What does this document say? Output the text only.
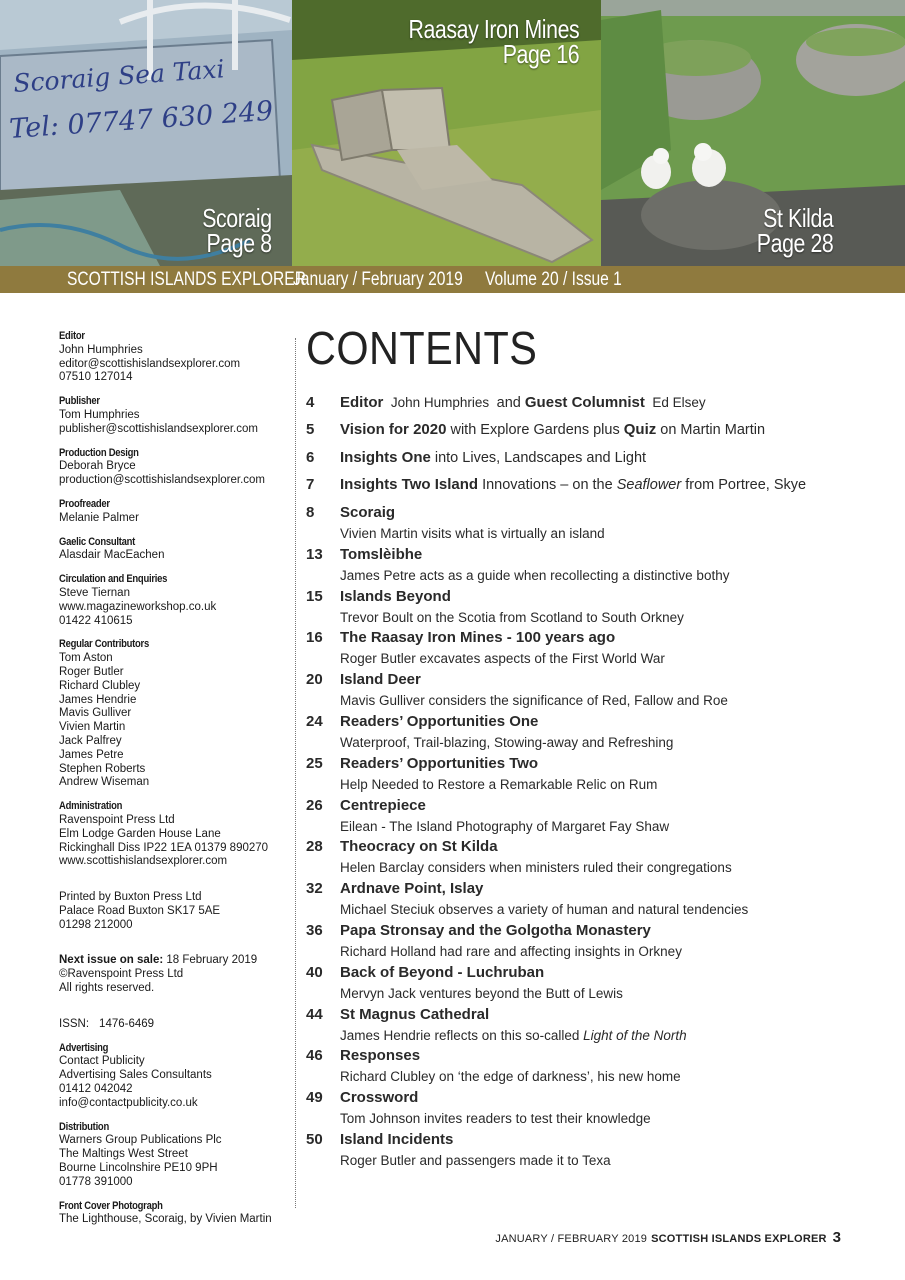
Scoraig Sea Taxi
Tel: 07747 630 249
Scoraig
Page 8
Raasay Iron Mines
Page 16
St Kilda
Page 28
SCOTTISH ISLANDS EXPLORER
January / February 2019 Volume 20 / Issue 1
Editor
John Humphries
editor@scottishislandsexplorer.com
07510 127014
Publisher
Tom Humphries
publisher@scottishislandsexplorer.com
Production Design
Deborah Bryce
production@scottishislandsexplorer.com
Proofreader
Melanie Palmer
Gaelic Consultant
Alasdair MacEachen
Circulation and Enquiries
Steve Tiernan
www.magazineworkshop.co.uk
01422 410615
Regular Contributors
Tom Aston
Roger Butler
Richard Clubley
James Hendrie
Mavis Gulliver
Vivien Martin
Jack Palfrey
James Petre
Stephen Roberts
Andrew Wiseman
Administration
Ravenspoint Press Ltd
Elm Lodge Garden House Lane
Rickinghall Diss IP22 1EA 01379 890270
www.scottishislandsexplorer.com
Printed by Buxton Press Ltd
Palace Road Buxton SK17 5AE
01298 212000
Next issue on sale: 18 February 2019
©Ravenspoint Press Ltd
All rights reserved.
ISSN: 1476-6469
Advertising
Contact Publicity
Advertising Sales Consultants
01412 042042
info@contactpublicity.co.uk
Distribution
Warners Group Publications Plc
The Maltings West Street
Bourne Lincolnshire PE10 9PH
01778 391000
Front Cover Photograph
The Lighthouse, Scoraig, by Vivien Martin
CONTENTS
4 Editor  John Humphries  and Guest Columnist  Ed Elsey
5 Vision for 2020 with Explore Gardens plus Quiz on Martin Martin
6 Insights One into Lives, Landscapes and Light
7 Insights Two Island Innovations – on the Seaflower from Portree, Skye
8 Scoraig
Vivien Martin visits what is virtually an island
13 Tomslèibhe
James Petre acts as a guide when recollecting a distinctive bothy
15 Islands Beyond
Trevor Boult on the Scotia from Scotland to South Orkney
16 The Raasay Iron Mines - 100 years ago
Roger Butler excavates aspects of the First World War
20 Island Deer
Mavis Gulliver considers the significance of Red, Fallow and Roe
24 Readers’ Opportunities One
Waterproof, Trail-blazing, Stowing-away and Refreshing
25 Readers’ Opportunities Two
Help Needed to Restore a Remarkable Relic on Rum
26 Centrepiece
Eilean - The Island Photography of Margaret Fay Shaw
28 Theocracy on St Kilda
Helen Barclay considers when ministers ruled their congregations
32 Ardnave Point, Islay
Michael Steciuk observes a variety of human and natural tendencies
36 Papa Stronsay and the Golgotha Monastery
Richard Holland had rare and affecting insights in Orkney
40 Back of Beyond - Luchruban
Mervyn Jack ventures beyond the Butt of Lewis
44 St Magnus Cathedral
James Hendrie reflects on this so-called Light of the North
46 Responses
Richard Clubley on ‘the edge of darkness’, his new home
49 Crossword
Tom Johnson invites readers to test their knowledge
50 Island Incidents
Roger Butler and passengers made it to Texa
JANUARY / FEBRUARY 2019 SCOTTISH ISLANDS EXPLORER 3
